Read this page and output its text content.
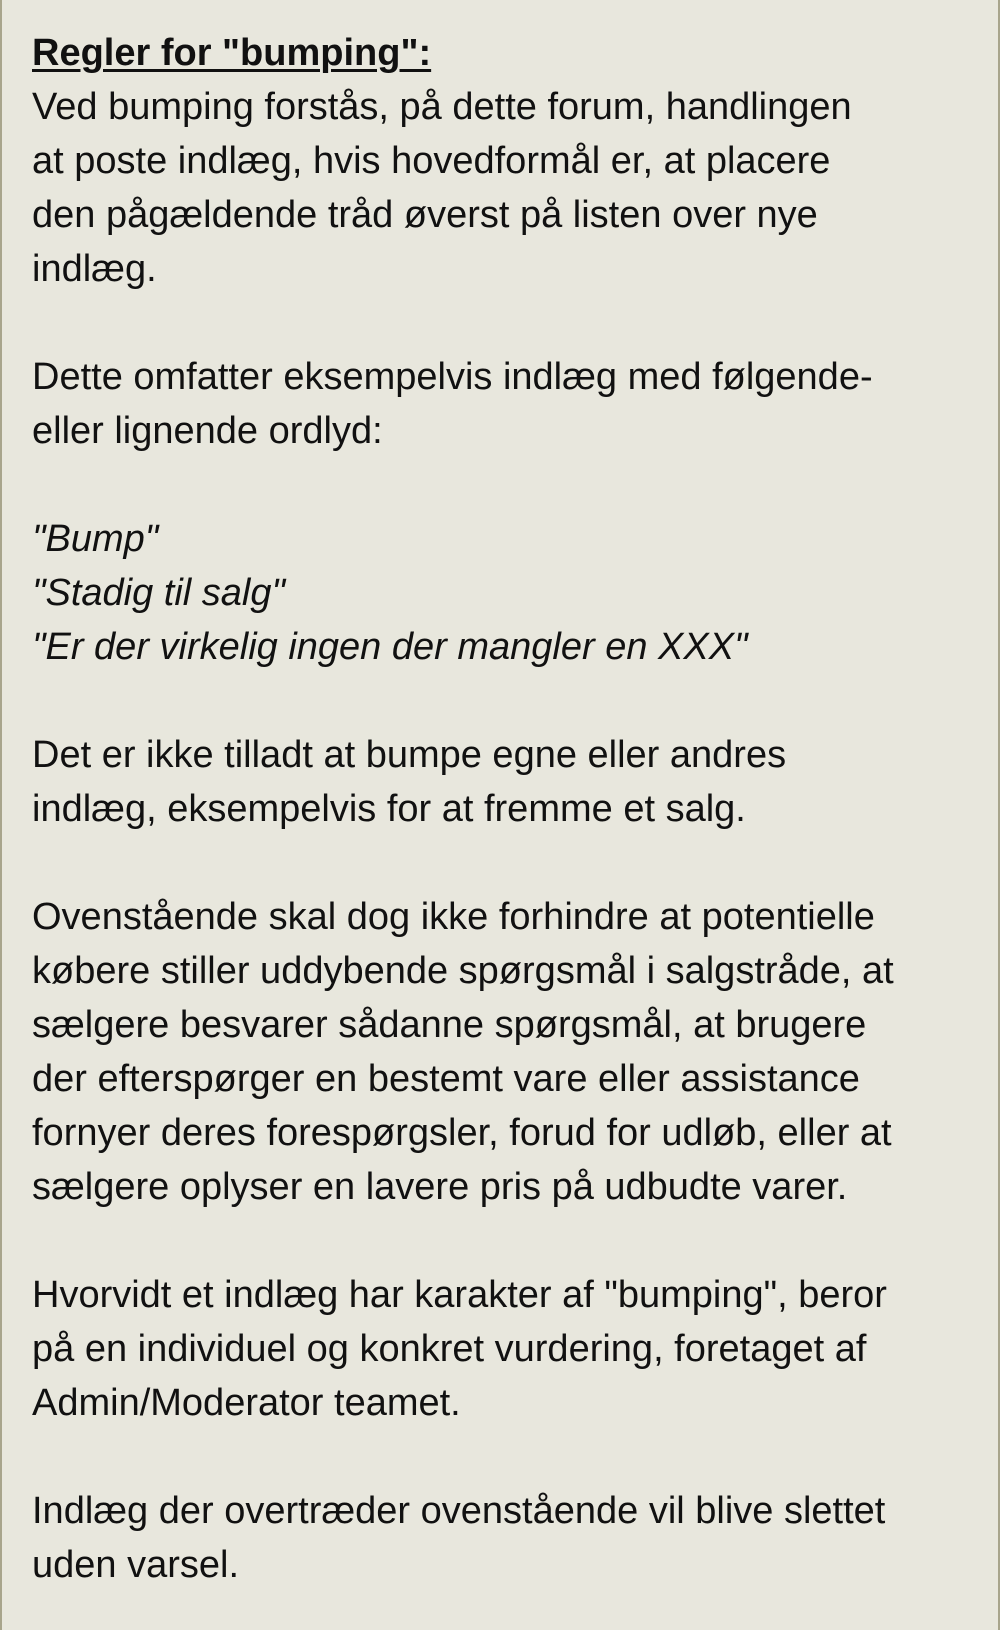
Regler for "bumping":
Ved bumping forstås, på dette forum, handlingen
at poste indlæg, hvis hovedformål er, at placere
den pågældende tråd øverst på listen over nye
indlæg.
Dette omfatter eksempelvis indlæg med følgende-
eller lignende ordlyd:
"Bump"
"Stadig til salg"
"Er der virkelig ingen der mangler en XXX"
Det er ikke tilladt at bumpe egne eller andres
indlæg, eksempelvis for at fremme et salg.
Ovenstående skal dog ikke forhindre at potentielle
købere stiller uddybende spørgsmål i salgstråde, at
sælgere besvarer sådanne spørgsmål, at brugere
der efterspørger en bestemt vare eller assistance
fornyer deres forespørgsler, forud for udløb, eller at
sælgere oplyser en lavere pris på udbudte varer.
Hvorvidt et indlæg har karakter af "bumping", beror
på en individuel og konkret vurdering, foretaget af
Admin/Moderator teamet.
Indlæg der overtræder ovenstående vil blive slettet
uden varsel.
